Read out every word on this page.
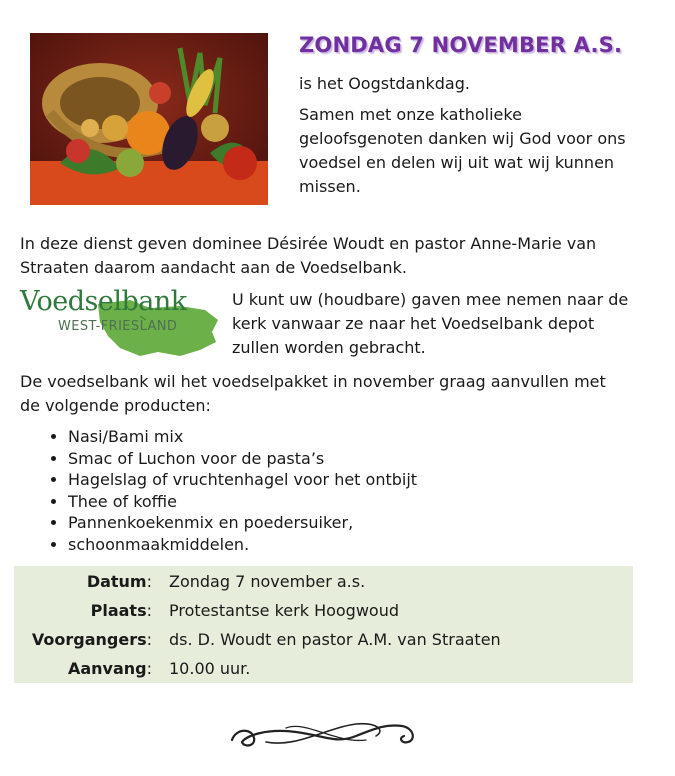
ZONDAG 7 NOVEMBER A.S.

is het Oogstdankdag.

Samen met onze katholieke geloofsgenoten danken wij God voor ons voedsel en delen wij uit wat wij kunnen missen.

In deze dienst geven dominee Désirée Woudt en pastor Anne-Marie van Straaten daarom aandacht aan de Voedselbank.

Voedselbank
WEST-FRIESLAND

U kunt uw (houdbare) gaven mee nemen naar de kerk vanwaar ze naar het Voedselbank depot zullen worden gebracht.

De voedselbank wil het voedselpakket in november graag aanvullen met de volgende producten:

• Nasi/Bami mix
• Smac of Luchon voor de pasta’s
• Hagelslag of vruchtenhagel voor het ontbijt
• Thee of koffie
• Pannenkoekenmix en poedersuiker,
• schoonmaakmiddelen.
Datum: Zondag 7 november a.s.
Plaats: Protestantse kerk Hoogwoud
Voorgangers: ds. D. Woudt en pastor A.M. van Straaten
Aanvang: 10.00 uur.
